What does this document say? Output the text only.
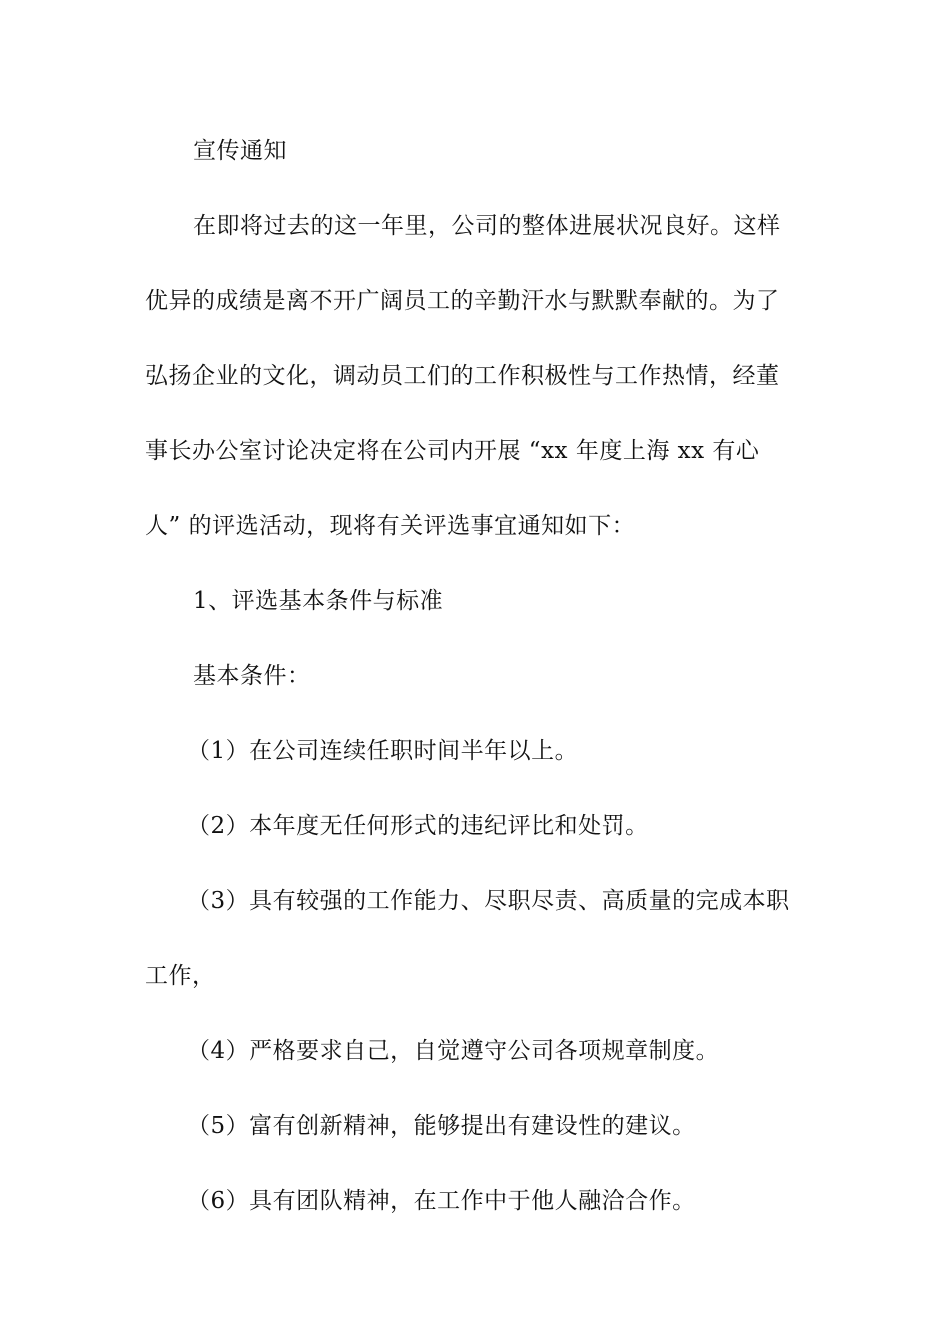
宣传通知
在即将过去的这一年里，公司的整体进展状况良好。这样
优异的成绩是离不开广阔员工的辛勤汗水与默默奉献的。为了
弘扬企业的文化，调动员工们的工作积极性与工作热情，经董
事长办公室讨论决定将在公司内开展 “xx 年度上海 xx 有心
人” 的评选活动，现将有关评选事宜通知如下：
1、评选基本条件与标准
基本条件：
（1）在公司连续任职时间半年以上。
（2）本年度无任何形式的违纪评比和处罚。
（3）具有较强的工作能力、尽职尽责、高质量的完成本职
工作，
（4）严格要求自己，自觉遵守公司各项规章制度。
（5）富有创新精神，能够提出有建设性的建议。
（6）具有团队精神，在工作中于他人融洽合作。
